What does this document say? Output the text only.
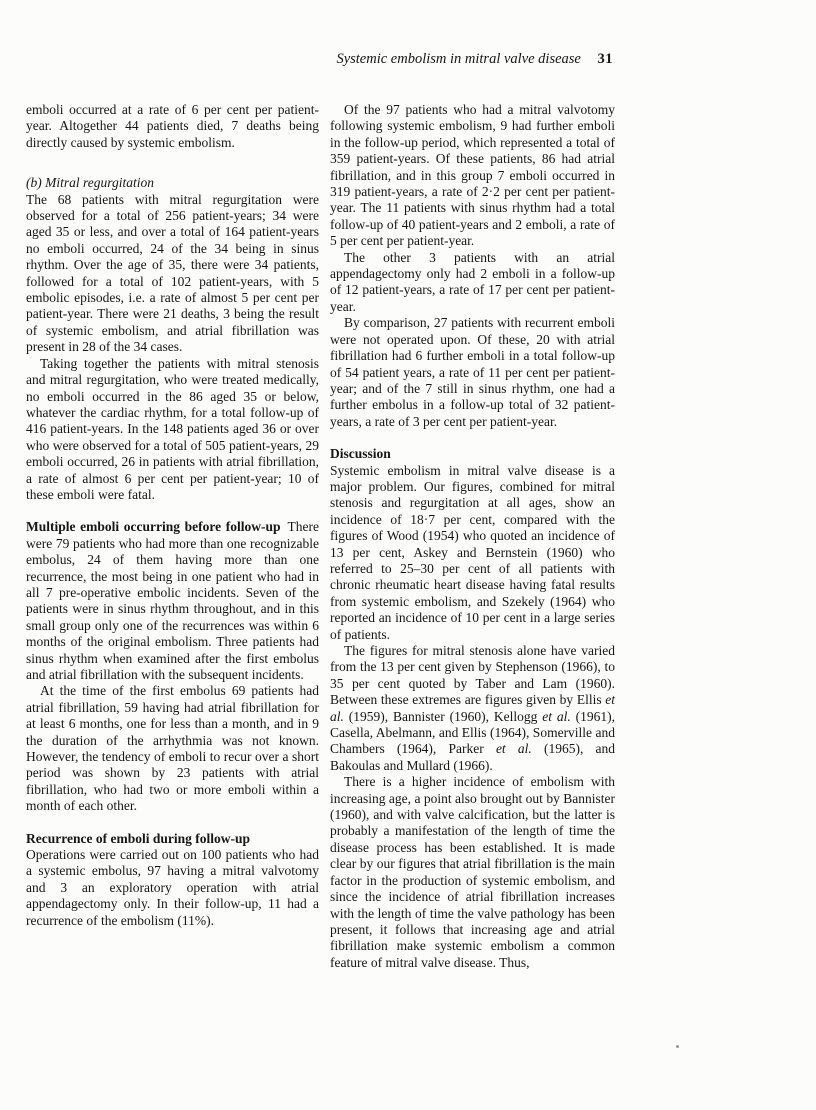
Systemic embolism in mitral valve disease 31

emboli occurred at a rate of 6 per cent per patient-year. Altogether 44 patients died, 7 deaths being directly caused by systemic embolism.

(b) Mitral regurgitation

The 68 patients with mitral regurgitation were observed for a total of 256 patient-years; 34 were aged 35 or less, and over a total of 164 patient-years no emboli occurred, 24 of the 34 being in sinus rhythm. Over the age of 35, there were 34 patients, followed for a total of 102 patient-years, with 5 embolic episodes, i.e. a rate of almost 5 per cent per patient-year. There were 21 deaths, 3 being the result of systemic embolism, and atrial fibrillation was present in 28 of the 34 cases.

Taking together the patients with mitral stenosis and mitral regurgitation, who were treated medically, no emboli occurred in the 86 aged 35 or below, whatever the cardiac rhythm, for a total follow-up of 416 patient-years. In the 148 patients aged 36 or over who were observed for a total of 505 patient-years, 29 emboli occurred, 26 in patients with atrial fibrillation, a rate of almost 6 per cent per patient-year; 10 of these emboli were fatal.

Multiple emboli occurring before follow-up There were 79 patients who had more than one recognizable embolus, 24 of them having more than one recurrence, the most being in one patient who had in all 7 pre-operative embolic incidents. Seven of the patients were in sinus rhythm throughout, and in this small group only one of the recurrences was within 6 months of the original embolism. Three patients had sinus rhythm when examined after the first embolus and atrial fibrillation with the subsequent incidents.

At the time of the first embolus 69 patients had atrial fibrillation, 59 having had atrial fibrillation for at least 6 months, one for less than a month, and in 9 the duration of the arrhythmia was not known. However, the tendency of emboli to recur over a short period was shown by 23 patients with atrial fibrillation, who had two or more emboli within a month of each other.

Recurrence of emboli during follow-up

Operations were carried out on 100 patients who had a systemic embolus, 97 having a mitral valvotomy and 3 an exploratory operation with atrial appendagectomy only. In their follow-up, 11 had a recurrence of the embolism (11%).

Of the 97 patients who had a mitral valvotomy following systemic embolism, 9 had further emboli in the follow-up period, which represented a total of 359 patient-years. Of these patients, 86 had atrial fibrillation, and in this group 7 emboli occurred in 319 patient-years, a rate of 2·2 per cent per patient-year. The 11 patients with sinus rhythm had a total follow-up of 40 patient-years and 2 emboli, a rate of 5 per cent per patient-year.

The other 3 patients with an atrial appendagectomy only had 2 emboli in a follow-up of 12 patient-years, a rate of 17 per cent per patient-year.

By comparison, 27 patients with recurrent emboli were not operated upon. Of these, 20 with atrial fibrillation had 6 further emboli in a total follow-up of 54 patient years, a rate of 11 per cent per patient-year; and of the 7 still in sinus rhythm, one had a further embolus in a follow-up total of 32 patient-years, a rate of 3 per cent per patient-year.

Discussion

Systemic embolism in mitral valve disease is a major problem. Our figures, combined for mitral stenosis and regurgitation at all ages, show an incidence of 18·7 per cent, compared with the figures of Wood (1954) who quoted an incidence of 13 per cent, Askey and Bernstein (1960) who referred to 25–30 per cent of all patients with chronic rheumatic heart disease having fatal results from systemic embolism, and Szekely (1964) who reported an incidence of 10 per cent in a large series of patients.

The figures for mitral stenosis alone have varied from the 13 per cent given by Stephenson (1966), to 35 per cent quoted by Taber and Lam (1960). Between these extremes are figures given by Ellis et al. (1959), Bannister (1960), Kellogg et al. (1961), Casella, Abelmann, and Ellis (1964), Somerville and Chambers (1964), Parker et al. (1965), and Bakoulas and Mullard (1966).

There is a higher incidence of embolism with increasing age, a point also brought out by Bannister (1960), and with valve calcification, but the latter is probably a manifestation of the length of time the disease process has been established. It is made clear by our figures that atrial fibrillation is the main factor in the production of systemic embolism, and since the incidence of atrial fibrillation increases with the length of time the valve pathology has been present, it follows that increasing age and atrial fibrillation make systemic embolism a common feature of mitral valve disease. Thus,
